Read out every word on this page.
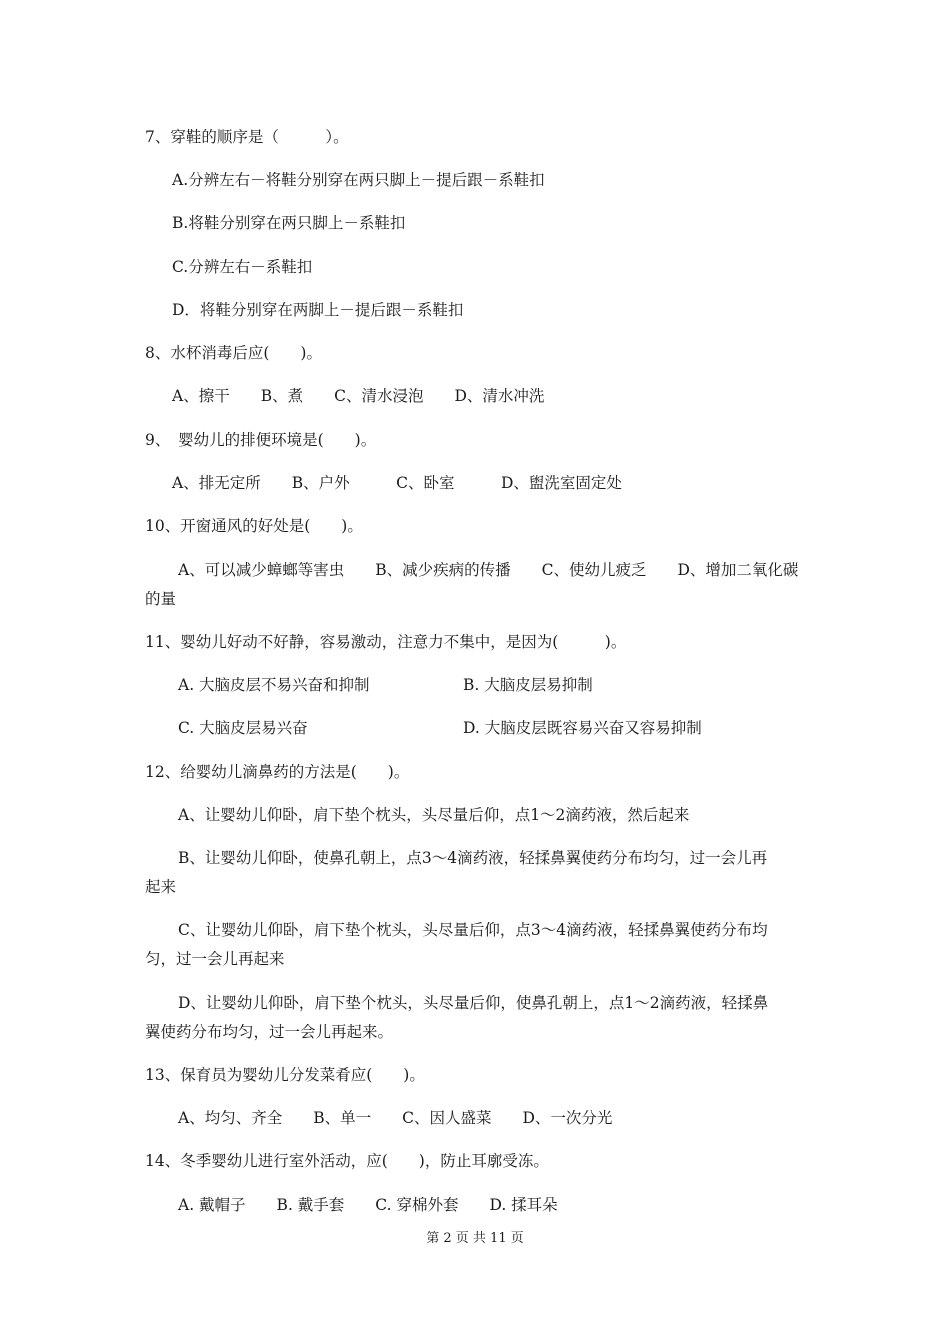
7、穿鞋的顺序是（　　　）。

A.分辨左右－将鞋分别穿在两只脚上－提后跟－系鞋扣

B.将鞋分别穿在两只脚上－系鞋扣

C.分辨左右－系鞋扣

D．将鞋分别穿在两脚上－提后跟－系鞋扣

8、水杯消毒后应(　　)。

A、擦干　　B、煮　　C、清水浸泡　　D、清水冲洗

9、　婴幼儿的排便环境是(　　)。

A、排无定所　　B、户外　　　C、卧室　　　D、盥洗室固定处

10、开窗通风的好处是(　　)。

A、可以减少蟑螂等害虫　　B、减少疾病的传播　　C、使幼儿疲乏　　D、增加二氧化碳

的量

11、婴幼儿好动不好静，容易激动，注意力不集中，是因为(　　　)。

A. 大脑皮层不易兴奋和抑制	B. 大脑皮层易抑制

C. 大脑皮层易兴奋	D. 大脑皮层既容易兴奋又容易抑制

12、给婴幼儿滴鼻药的方法是(　　)。

A、让婴幼儿仰卧，肩下垫个枕头，头尽量后仰，点1～2滴药液，然后起来

B、让婴幼儿仰卧，使鼻孔朝上，点3～4滴药液，轻揉鼻翼使药分布均匀，过一会儿再

起来

C、让婴幼儿仰卧，肩下垫个枕头，头尽量后仰，点3～4滴药液，轻揉鼻翼使药分布均

匀，过一会儿再起来

D、让婴幼儿仰卧，肩下垫个枕头，头尽量后仰，使鼻孔朝上，点1～2滴药液，轻揉鼻

翼使药分布均匀，过一会儿再起来。

13、保育员为婴幼儿分发菜肴应(　　)。

A、均匀、齐全　　B、单一　　C、因人盛菜　　D、一次分光

14、冬季婴幼儿进行室外活动，应(　　)，防止耳廓受冻。

A. 戴帽子　　B. 戴手套　　C. 穿棉外套　　D. 揉耳朵

第 2 页 共 11 页
